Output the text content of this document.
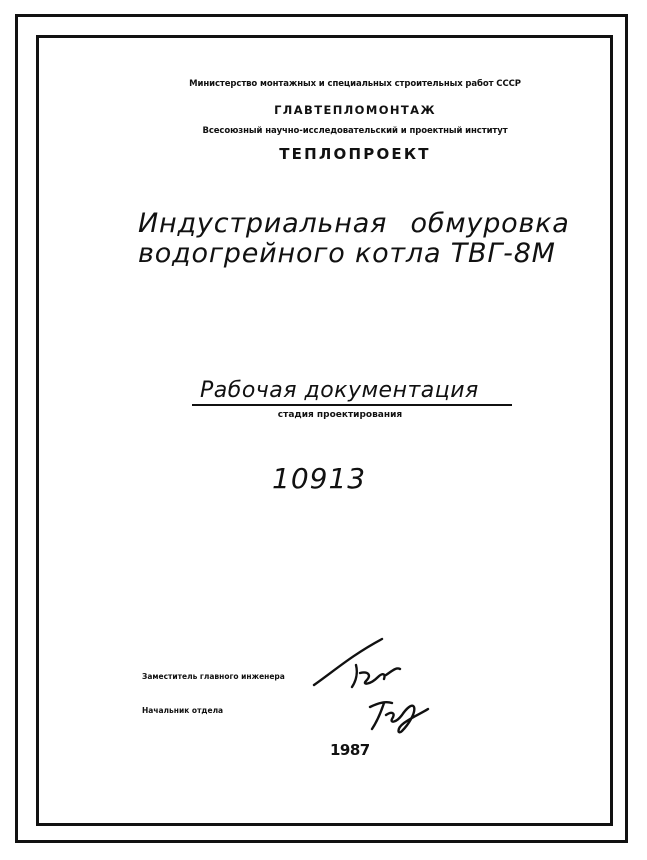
Министерство монтажных и специальных строительных работ СССР
ГЛАВТЕПЛОМОНТАЖ
Всесоюзный научно-исследовательский и проектный институт
ТЕПЛОПРОЕКТ
Индустриальная обмуровка
водогрейного котла ТВГ-8М
Рабочая документация
стадия проектирования
10913
Заместитель главного инженера
Начальник отдела
1987
